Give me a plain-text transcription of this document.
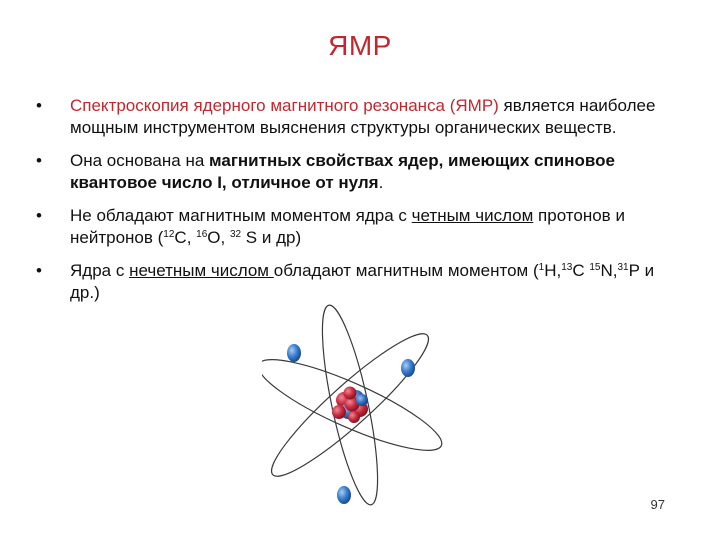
ЯМР
• Спектроскопия ядерного магнитного резонанса (ЯМР) является наиболее мощным инструментом выяснения структуры органических веществ.
• Она основана на магнитных свойствах ядер, имеющих спиновое квантовое число I, отличное от нуля.
• Не обладают магнитным моментом ядра с четным числом протонов и нейтронов ($^{12}$С, $^{16}$О, $^{32}$ S и др)
• Ядра с нечетным числом обладают магнитным моментом ($^1$Н,$^{13}$С $^{15}$N,$^{31}$Р и др.)
97
